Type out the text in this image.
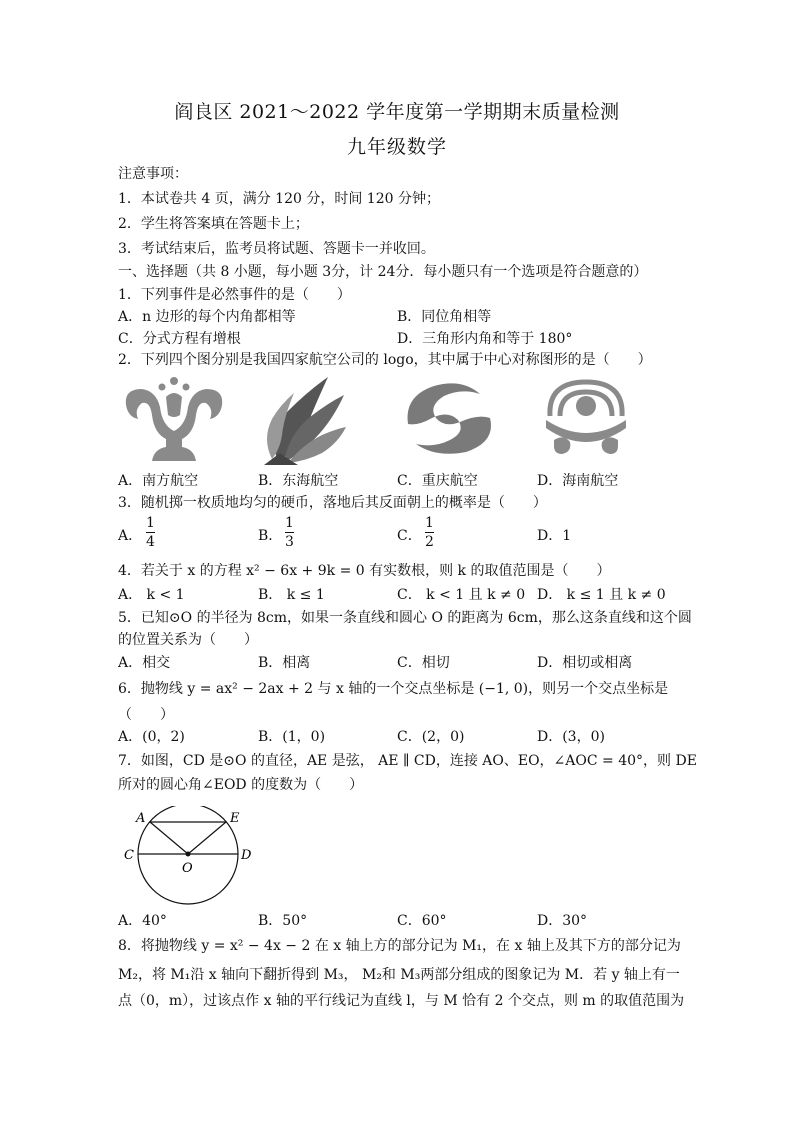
阎良区 2021～2022 学年度第一学期期末质量检测
九年级数学
注意事项：
1．本试卷共 4 页，满分 120 分，时间 120 分钟；
2．学生将答案填在答题卡上；
3．考试结束后，监考员将试题、答题卡一并收回。
一、选择题（共 8 小题，每小题 3分，计 24分．每小题只有一个选项是符合题意的）
1．下列事件是必然事件的是（　　）
A．n 边形的每个内角都相等	B．同位角相等
C．分式方程有增根	D．三角形内角和等于 180°
2．下列四个图分别是我国四家航空公司的 logo，其中属于中心对称图形的是（　　）
A．南方航空	B．东海航空	C．重庆航空	D．海南航空
3．随机掷一枚质地均匀的硬币，落地后其反面朝上的概率是（　　）
A．
1
4	B．
1
3	C．
1
2	D．1
4．若关于 x 的方程 x² − 6x + 9k = 0 有实数根，则 k 的取值范围是（　　）
A． k < 1	B． k ≤ 1	C． k < 1 且 k ≠ 0 D． k ≤ 1 且 k ≠ 0
5．已知⊙O 的半径为 8cm，如果一条直线和圆心 O 的距离为 6cm，那么这条直线和这个圆
的位置关系为（　　）
A．相交	B．相离	C．相切	D．相切或相离
6．抛物线 y = ax² − 2ax + 2 与 x 轴的一个交点坐标是 (−1, 0)，则另一个交点坐标是
（　　）
A．(0，2)	B．(1，0)	C．(2，0)	D．(3，0)
7．如图，CD 是⊙O 的直径，AE 是弦， AE ∥ CD，连接 AO、EO，∠AOC = 40°，则 DE
所对的圆心角∠EOD 的度数为（　　）
A	E
C	D
O
A．40°	B．50°	C．60°	D．30°
8．将抛物线 y = x² − 4x − 2 在 x 轴上方的部分记为 M₁，在 x 轴上及其下方的部分记为
M₂，将 M₁沿 x 轴向下翻折得到 M₃， M₂和 M₃两部分组成的图象记为 M．若 y 轴上有一
点（0，m），过该点作 x 轴的平行线记为直线 l，与 M 恰有 2 个交点，则 m 的取值范围为
